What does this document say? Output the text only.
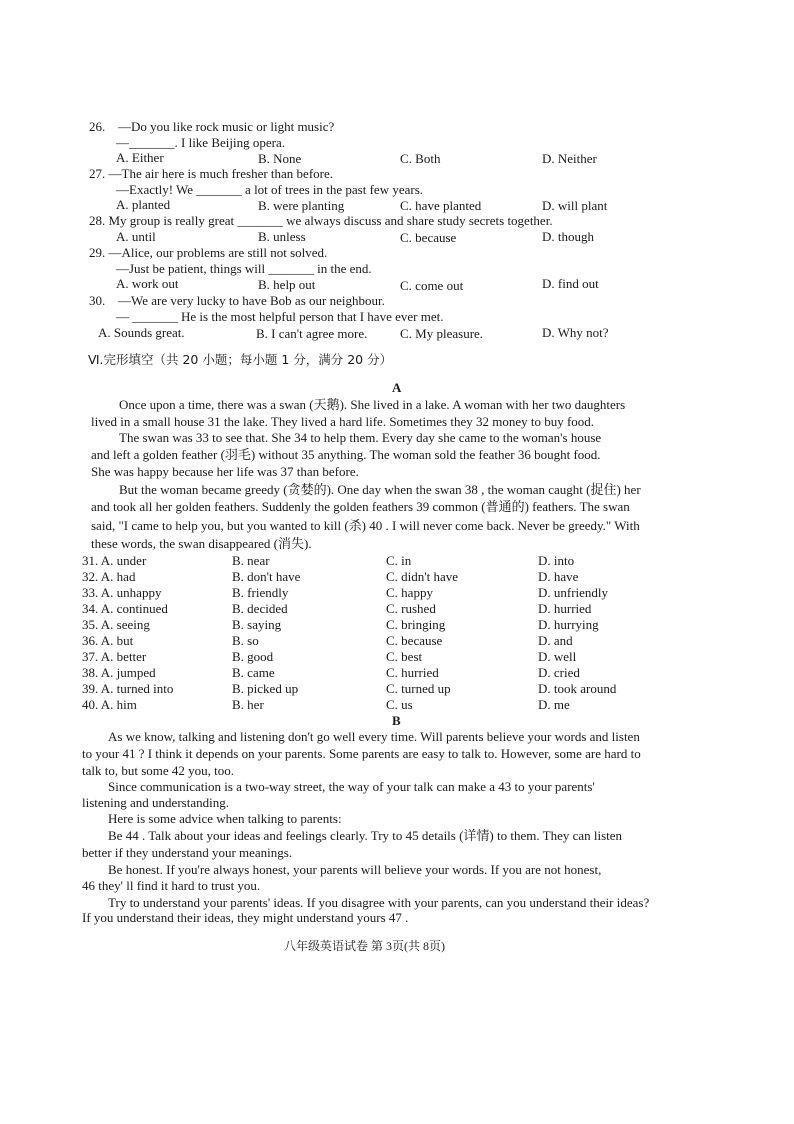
26. —Do you like rock music or light music?
—_______. I like Beijing opera.
A. Either	B. None	C. Both	D. Neither
27. —The air here is much fresher than before.
—Exactly! We _______ a lot of trees in the past few years.
A. planted	B. were planting	C. have planted	D. will plant
28. My group is really great _______ we always discuss and share study secrets together.
A. until	B. unless	C. because	D. though
29. —Alice, our problems are still not solved.
—Just be patient, things will _______ in the end.
A. work out	B. help out	C. come out	D. find out
30. —We are very lucky to have Bob as our neighbour.
— _______ He is the most helpful person that I have ever met.
A. Sounds great.	B. I can't agree more.	C. My pleasure.	D. Why not?
Ⅵ.完形填空（共 20 小题；每小题 1 分，满分 20 分）
A
Once upon a time, there was a swan (天鹅). She lived in a lake. A woman with her two daughters
lived in a small house 31 the lake. They lived a hard life. Sometimes they 32 money to buy food.
The swan was 33 to see that. She 34 to help them. Every day she came to the woman's house
and left a golden feather (羽毛) without 35 anything. The woman sold the feather 36 bought food.
She was happy because her life was 37 than before.
But the woman became greedy (贪婪的). One day when the swan 38 , the woman caught (捉住) her
and took all her golden feathers. Suddenly the golden feathers 39 common (普通的) feathers. The swan
said, "I came to help you, but you wanted to kill (杀) 40 . I will never come back. Never be greedy." With
these words, the swan disappeared (消失).
31. A. under	B. near	C. in	D. into
32. A. had	B. don't have	C. didn't have	D. have
33. A. unhappy	B. friendly	C. happy	D. unfriendly
34. A. continued	B. decided	C. rushed	D. hurried
35. A. seeing	B. saying	C. bringing	D. hurrying
36. A. but	B. so	C. because	D. and
37. A. better	B. good	C. best	D. well
38. A. jumped	B. came	C. hurried	D. cried
39. A. turned into	B. picked up	C. turned up	D. took around
40. A. him	B. her	C. us	D. me
B
As we know, talking and listening don't go well every time. Will parents believe your words and listen
to your 41 ? I think it depends on your parents. Some parents are easy to talk to. However, some are hard to
talk to, but some 42 you, too.
Since communication is a two-way street, the way of your talk can make a 43 to your parents'
listening and understanding.
Here is some advice when talking to parents:
Be 44 . Talk about your ideas and feelings clearly. Try to 45 details (详情) to them. They can listen
better if they understand your meanings.
Be honest. If you're always honest, your parents will believe your words. If you are not honest,
46 they' ll find it hard to trust you.
Try to understand your parents' ideas. If you disagree with your parents, can you understand their ideas?
If you understand their ideas, they might understand yours 47 .
八年级英语试卷 第 3页(共 8页)
